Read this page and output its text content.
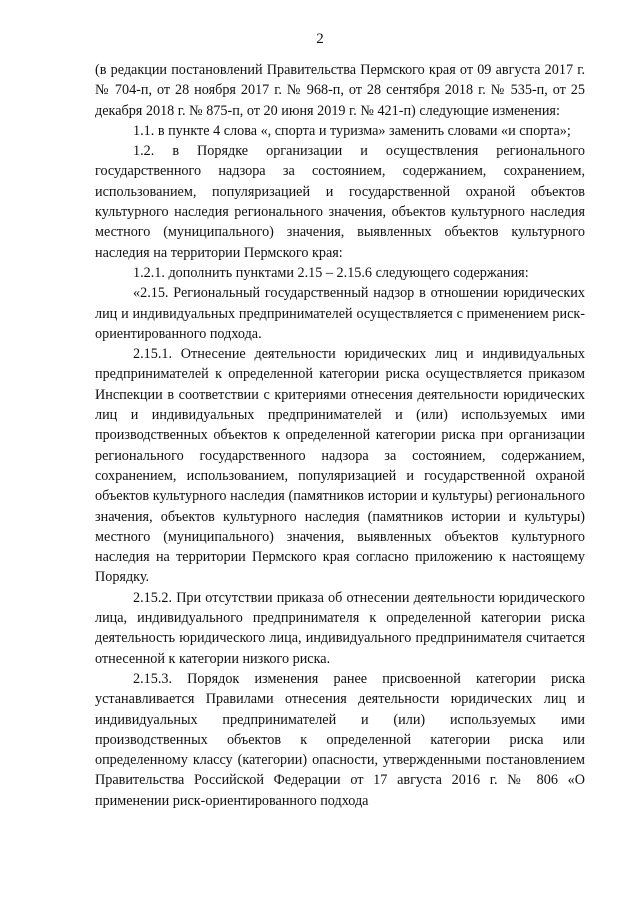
2

(в редакции постановлений Правительства Пермского края от 09 августа 2017 г. № 704-п, от 28 ноября 2017 г. № 968-п, от 28 сентября 2018 г. № 535-п, от 25 декабря 2018 г. № 875-п, от 20 июня 2019 г. № 421-п) следующие изменения:

1.1. в пункте 4 слова «, спорта и туризма» заменить словами «и спорта»;

1.2. в Порядке организации и осуществления регионального государственного надзора за состоянием, содержанием, сохранением, использованием, популяризацией и государственной охраной объектов культурного наследия регионального значения, объектов культурного наследия местного (муниципального) значения, выявленных объектов культурного наследия на территории Пермского края:

1.2.1. дополнить пунктами 2.15 – 2.15.6 следующего содержания:

«2.15. Региональный государственный надзор в отношении юридических лиц и индивидуальных предпринимателей осуществляется с применением риск-ориентированного подхода.

2.15.1. Отнесение деятельности юридических лиц и индивидуальных предпринимателей к определенной категории риска осуществляется приказом Инспекции в соответствии с критериями отнесения деятельности юридических лиц и индивидуальных предпринимателей и (или) используемых ими производственных объектов к определенной категории риска при организации регионального государственного надзора за состоянием, содержанием, сохранением, использованием, популяризацией и государственной охраной объектов культурного наследия (памятников истории и культуры) регионального значения, объектов культурного наследия (памятников истории и культуры) местного (муниципального) значения, выявленных объектов культурного наследия на территории Пермского края согласно приложению к настоящему Порядку.

2.15.2. При отсутствии приказа об отнесении деятельности юридического лица, индивидуального предпринимателя к определенной категории риска деятельность юридического лица, индивидуального предпринимателя считается отнесенной к категории низкого риска.

2.15.3. Порядок изменения ранее присвоенной категории риска устанавливается Правилами отнесения деятельности юридических лиц и индивидуальных предпринимателей и (или) используемых ими производственных объектов к определенной категории риска или определенному классу (категории) опасности, утвержденными постановлением Правительства Российской Федерации от 17 августа 2016 г. № 806 «О применении риск-ориентированного подхода
